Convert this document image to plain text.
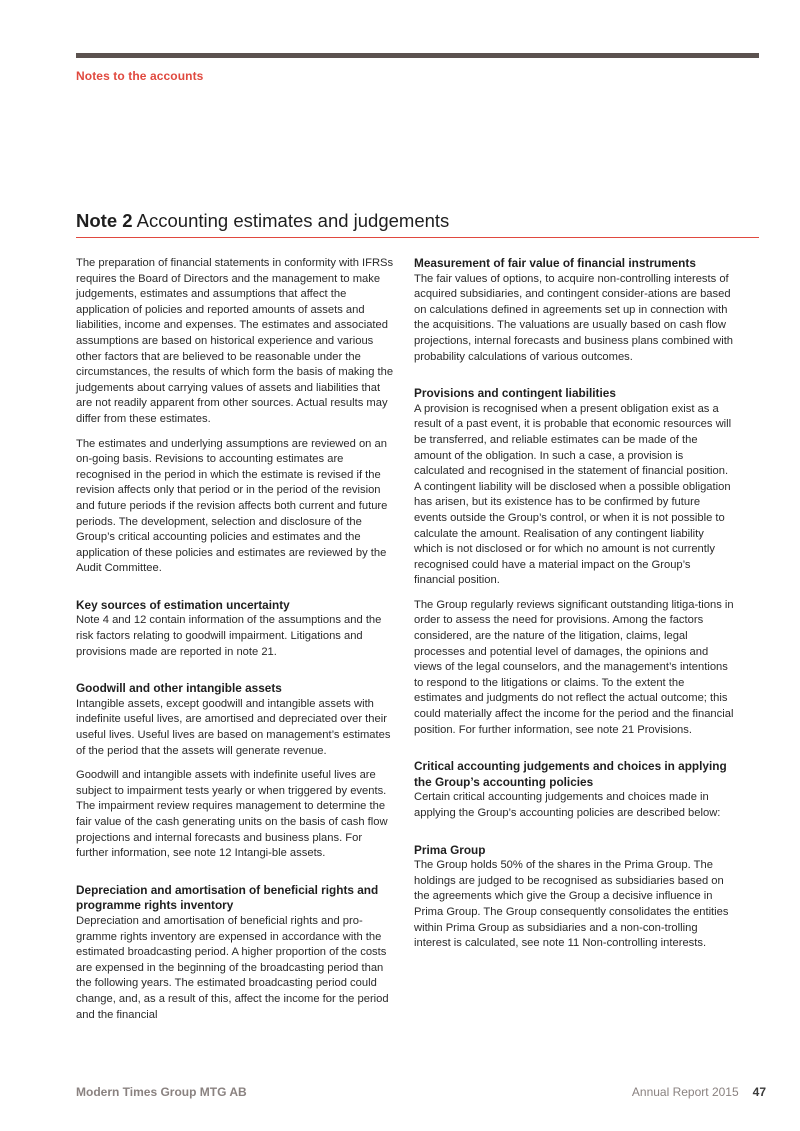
Notes to the accounts
Note 2 Accounting estimates and judgements

The preparation of financial statements in conformity with IFRSs requires the Board of Directors and the management to make judgements, estimates and assumptions that affect the application of policies and reported amounts of assets and liabilities, income and expenses. The estimates and associated assumptions are based on historical experience and various other factors that are believed to be reasonable under the circumstances, the results of which form the basis of making the judgements about carrying values of assets and liabilities that are not readily apparent from other sources. Actual results may differ from these estimates.

The estimates and underlying assumptions are reviewed on an on-going basis. Revisions to accounting estimates are recognised in the period in which the estimate is revised if the revision affects only that period or in the period of the revision and future periods if the revision affects both current and future periods. The development, selection and disclosure of the Group’s critical accounting policies and estimates and the application of these policies and estimates are reviewed by the Audit Committee.

Key sources of estimation uncertainty

Note 4 and 12 contain information of the assumptions and the risk factors relating to goodwill impairment. Litigations and provisions made are reported in note 21.

Goodwill and other intangible assets

Intangible assets, except goodwill and intangible assets with indefinite useful lives, are amortised and depreciated over their useful lives. Useful lives are based on management’s estimates of the period that the assets will generate revenue.

Goodwill and intangible assets with indefinite useful lives are subject to impairment tests yearly or when triggered by events. The impairment review requires management to determine the fair value of the cash generating units on the basis of cash flow projections and internal forecasts and business plans. For further information, see note 12 Intangi-ble assets.

Depreciation and amortisation of beneficial rights and programme rights inventory

Depreciation and amortisation of beneficial rights and pro-gramme rights inventory are expensed in accordance with the estimated broadcasting period. A higher proportion of the costs are expensed in the beginning of the broadcasting period than the following years. The estimated broadcasting period could change, and, as a result of this, affect the income for the period and the financial

Measurement of fair value of financial instruments

The fair values of options, to acquire non-controlling interests of acquired subsidiaries, and contingent consider-ations are based on calculations defined in agreements set up in connection with the acquisitions. The valuations are usually based on cash flow projections, internal forecasts and business plans combined with probability calculations of various outcomes.

Provisions and contingent liabilities

A provision is recognised when a present obligation exist as a result of a past event, it is probable that economic resources will be transferred, and reliable estimates can be made of the amount of the obligation. In such a case, a provision is calculated and recognised in the statement of financial position. A contingent liability will be disclosed when a possible obligation has arisen, but its existence has to be confirmed by future events outside the Group’s control, or when it is not possible to calculate the amount. Realisation of any contingent liability which is not disclosed or for which no amount is not currently recognised could have a material impact on the Group’s financial position.

The Group regularly reviews significant outstanding litiga-tions in order to assess the need for provisions. Among the factors considered, are the nature of the litigation, claims, legal processes and potential level of damages, the opinions and views of the legal counselors, and the management’s intentions to respond to the litigations or claims. To the extent the estimates and judgments do not reflect the actual outcome; this could materially affect the income for the period and the financial position. For further information, see note 21 Provisions.

Critical accounting judgements and choices in applying the Group’s accounting policies

Certain critical accounting judgements and choices made in applying the Group’s accounting policies are described below:

Prima Group

The Group holds 50% of the shares in the Prima Group. The holdings are judged to be recognised as subsidiaries based on the agreements which give the Group a decisive influence in Prima Group. The Group consequently consolidates the entities within Prima Group as subsidiaries and a non-con-trolling interest is calculated, see note 11 Non-controlling interests.

Modern Times Group MTG AB	Annual Report 2015 47
